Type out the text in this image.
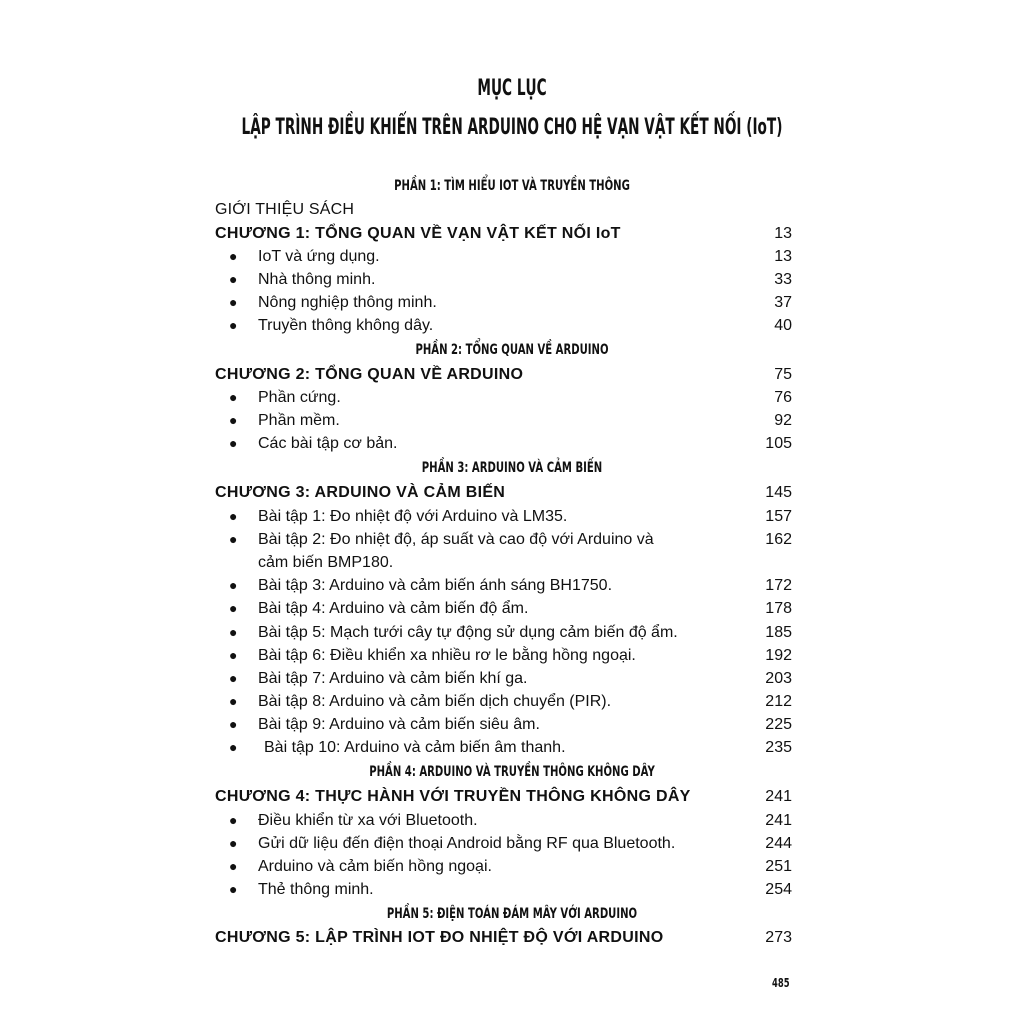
MỤC LỤC
LẬP TRÌNH ĐIỀU KHIỂN TRÊN ARDUINO CHO HỆ VẠN VẬT KẾT NỐI (IoT)
PHẦN 1: TÌM HIỂU IOT VÀ TRUYỀN THÔNG
GIỚI THIỆU SÁCH
CHƯƠNG 1: TỔNG QUAN VỀ VẠN VẬT KẾT NỐI IoT	13
● IoT và ứng dụng.	13
● Nhà thông minh.	33
● Nông nghiệp thông minh.	37
● Truyền thông không dây.	40
PHẦN 2: TỔNG QUAN VỀ ARDUINO
CHƯƠNG 2: TỔNG QUAN VỀ ARDUINO	75
● Phần cứng.	76
● Phần mềm.	92
● Các bài tập cơ bản.	105
PHẦN 3: ARDUINO VÀ CẢM BIẾN
CHƯƠNG 3: ARDUINO VÀ CẢM BIẾN	145
● Bài tập 1: Đo nhiệt độ với Arduino và LM35.	157
● Bài tập 2: Đo nhiệt độ, áp suất và cao độ với Arduino và	162
cảm biến BMP180.
● Bài tập 3: Arduino và cảm biến ánh sáng BH1750.	172
● Bài tập 4: Arduino và cảm biến độ ẩm.	178
● Bài tập 5: Mạch tưới cây tự động sử dụng cảm biến độ ẩm.	185
● Bài tập 6: Điều khiển xa nhiều rơ le bằng hồng ngoại.	192
● Bài tập 7: Arduino và cảm biến khí ga.	203
● Bài tập 8: Arduino và cảm biến dịch chuyển (PIR).	212
● Bài tập 9: Arduino và cảm biến siêu âm.	225
● Bài tập 10: Arduino và cảm biến âm thanh.	235
PHẦN 4: ARDUINO VÀ TRUYỀN THÔNG KHÔNG DÂY
CHƯƠNG 4: THỰC HÀNH VỚI TRUYỀN THÔNG KHÔNG DÂY	241
● Điều khiển từ xa với Bluetooth.	241
● Gửi dữ liệu đến điện thoại Android bằng RF qua Bluetooth.	244
● Arduino và cảm biến hồng ngoại.	251
● Thẻ thông minh.	254
PHẦN 5: ĐIỆN TOÁN ĐÁM MÂY VỚI ARDUINO
CHƯƠNG 5: LẬP TRÌNH IOT ĐO NHIỆT ĐỘ VỚI ARDUINO	273
485
